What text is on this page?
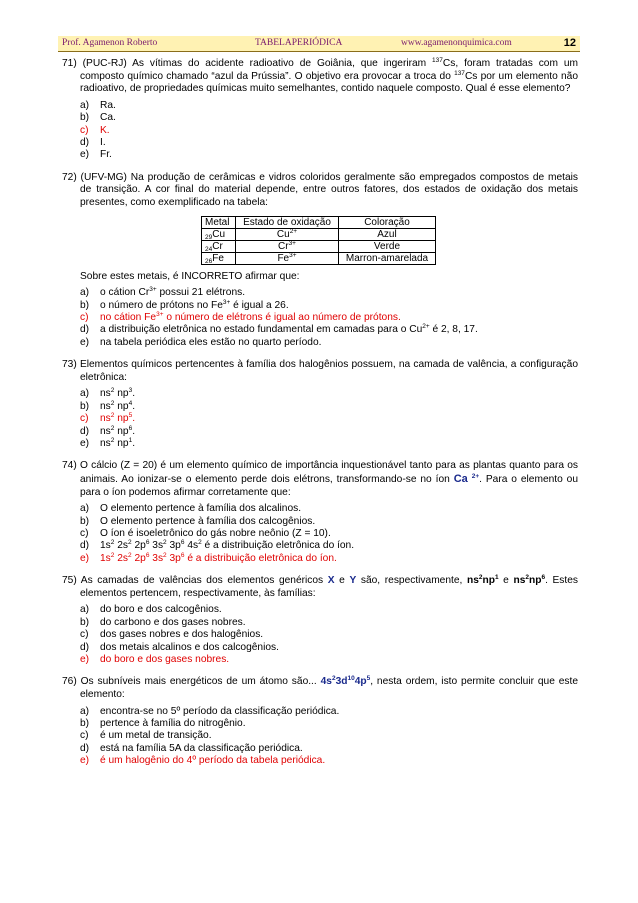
Prof. Agamenon Roberto	TABELAPERIÓDICA	www.agamenonquimica.com	12
71) (PUC-RJ) As vítimas do acidente radioativo de Goiânia, que ingeriram $^{137}$Cs, foram tratadas com um composto químico chamado “azul da Prússia”. O objetivo era provocar a troca do $^{137}$Cs por um elemento não radioativo, de propriedades químicas muito semelhantes, contido naquele composto. Qual é esse elemento?
a) Ra.
b) Ca.
c) K.
d) I.
e) Fr.
72) (UFV-MG) Na produção de cerâmicas e vidros coloridos geralmente são empregados compostos de metais de transição. A cor final do material depende, entre outros fatores, dos estados de oxidação dos metais presentes, como exemplificado na tabela:
Metal	Estado de oxidação	Coloração
$_{29}$Cu	$Cu^{2+}$	Azul
$_{24}$Cr	$Cr^{3+}$	Verde
$_{26}$Fe	$Fe^{3+}$	Marron-amarelada
Sobre estes metais, é INCORRETO afirmar que:
a) o cátion $Cr^{3+}$ possui 21 elétrons.
b) o número de prótons no $Fe^{3+}$ é igual a 26.
c) no cátion $Fe^{3+}$ o número de elétrons é igual ao número de prótons.
d) a distribuição eletrônica no estado fundamental em camadas para o $Cu^{2+}$ é 2, 8, 17.
e) na tabela periódica eles estão no quarto período.
73) Elementos químicos pertencentes à família dos halogênios possuem, na camada de valência, a configuração eletrônica:
a) $ns^2$ $np^3$.
b) $ns^2$ $np^4$.
c) $ns^2$ $np^5$.
d) $ns^2$ $np^6$.
e) $ns^2$ $np^1$.
74) O cálcio (Z = 20) é um elemento químico de importância inquestionável tanto para as plantas quanto para os animais. Ao ionizar-se o elemento perde dois elétrons, transformando-se no íon Ca $^{2+}$. Para o elemento ou para o íon podemos afirmar corretamente que:
a) O elemento pertence à família dos alcalinos.
b) O elemento pertence à família dos calcogênios.
c) O íon é isoeletrônico do gás nobre neônio (Z = 10).
d) $1s^2$ $2s^2$ $2p^6$ $3s^2$ $3p^6$ $4s^2$ é a distribuição eletrônica do íon.
e) $1s^2$ $2s^2$ $2p^6$ $3s^2$ $3p^6$ é a distribuição eletrônica do íon.
75) As camadas de valências dos elementos genéricos X e Y são, respectivamente, $ns^2np^1$ e $ns^2np^6$. Estes elementos pertencem, respectivamente, às famílias:
a) do boro e dos calcogênios.
b) do carbono e dos gases nobres.
c) dos gases nobres e dos halogênios.
d) dos metais alcalinos e dos calcogênios.
e) do boro e dos gases nobres.
76) Os subníveis mais energéticos de um átomo são... $4s^23d^{10}4p^5$, nesta ordem, isto permite concluir que este elemento:
a) encontra-se no 5º período da classificação periódica.
b) pertence à família do nitrogênio.
c) é um metal de transição.
d) está na família 5A da classificação periódica.
e) é um halogênio do 4º período da tabela periódica.
